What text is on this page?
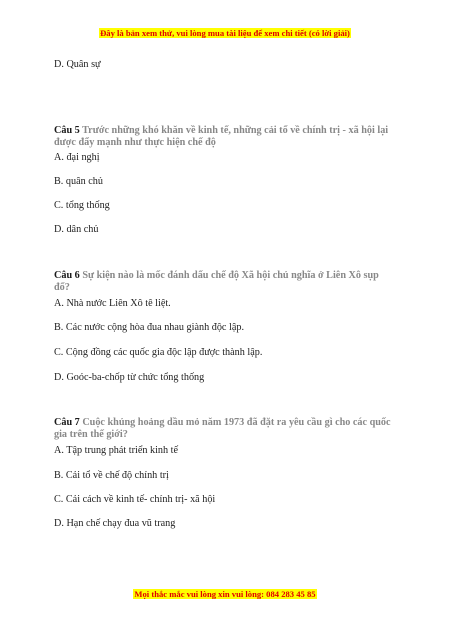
Đây là bản xem thử, vui lòng mua tài liệu để xem chi tiết (có lời giải)
D. Quân sự
Câu 5 Trước những khó khăn về kinh tế, những cải tổ về chính trị - xã hội lại được đẩy mạnh như thực hiện chế độ
A. đại nghị
B. quân chủ
C. tổng thống
D. dân chủ
Câu 6 Sự kiện nào là mốc đánh dấu chế độ Xã hội chủ nghĩa ở Liên Xô sụp đổ?
A. Nhà nước Liên Xô tê liệt.
B. Các nước cộng hòa đua nhau giành độc lập.
C. Cộng đồng các quốc gia độc lập được thành lập.
D. Goóc-ba-chốp từ chức tổng thống
Câu 7 Cuộc khủng hoảng dầu mỏ năm 1973 đã đặt ra yêu cầu gì cho các quốc gia trên thế giới?
A. Tập trung phát triển kinh tế
B. Cải tổ về chế độ chính trị
C. Cải cách về kinh tế- chính trị- xã hội
D. Hạn chế chạy đua vũ trang
Mọi thắc mắc vui lòng xin vui lòng: 084 283 45 85
